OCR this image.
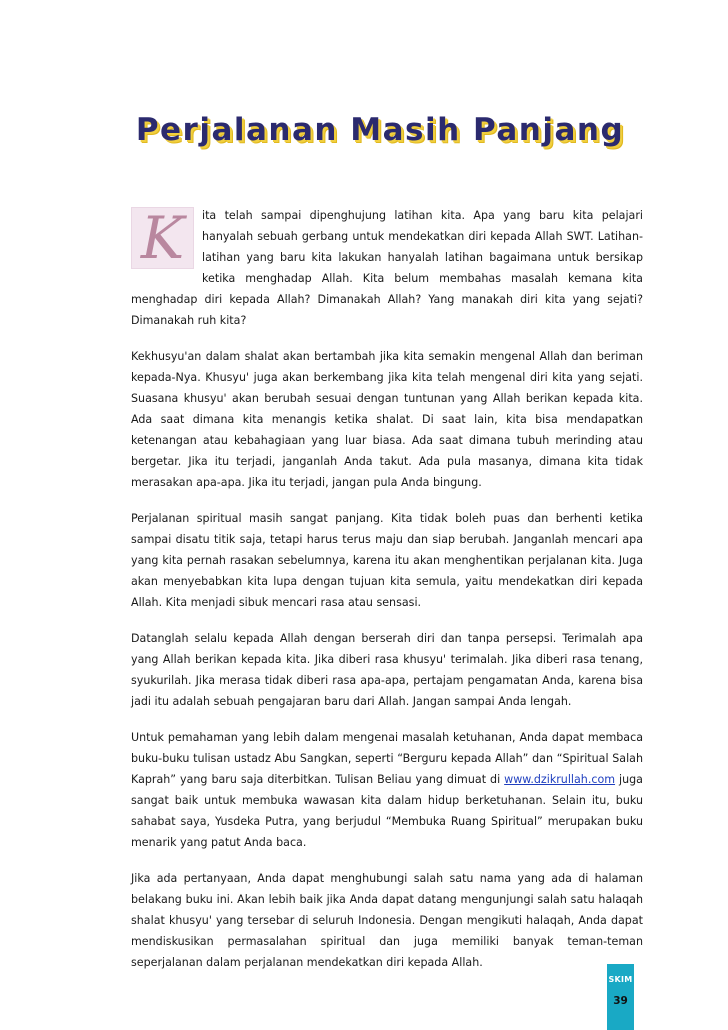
Perjalanan Masih Panjang

K	ita telah sampai dipenghujung latihan kita. Apa yang baru kita pelajari hanyalah sebuah gerbang untuk mendekatkan diri kepada Allah SWT. Latihan-latihan yang baru kita lakukan hanyalah latihan bagaimana untuk bersikap ketika menghadap Allah. Kita belum membahas masalah kemana kita menghadap diri kepada Allah? Dimanakah Allah? Yang manakah diri kita yang sejati? Dimanakah ruh kita?

Kekhusyu'an dalam shalat akan bertambah jika kita semakin mengenal Allah dan beriman kepada-Nya. Khusyu' juga akan berkembang jika kita telah mengenal diri kita yang sejati. Suasana khusyu' akan berubah sesuai dengan tuntunan yang Allah berikan kepada kita. Ada saat dimana kita menangis ketika shalat. Di saat lain, kita bisa mendapatkan ketenangan atau kebahagiaan yang luar biasa. Ada saat dimana tubuh merinding atau bergetar. Jika itu terjadi, janganlah Anda takut. Ada pula masanya, dimana kita tidak merasakan apa-apa. Jika itu terjadi, jangan pula Anda bingung.

Perjalanan spiritual masih sangat panjang. Kita tidak boleh puas dan berhenti ketika sampai disatu titik saja, tetapi harus terus maju dan siap berubah. Janganlah mencari apa yang kita pernah rasakan sebelumnya, karena itu akan menghentikan perjalanan kita. Juga akan menyebabkan kita lupa dengan tujuan kita semula, yaitu mendekatkan diri kepada Allah. Kita menjadi sibuk mencari rasa atau sensasi.

Datanglah selalu kepada Allah dengan berserah diri dan tanpa persepsi. Terimalah apa yang Allah berikan kepada kita. Jika diberi rasa khusyu' terimalah. Jika diberi rasa tenang, syukurilah. Jika merasa tidak diberi rasa apa-apa, pertajam pengamatan Anda, karena bisa jadi itu adalah sebuah pengajaran baru dari Allah. Jangan sampai Anda lengah.

Untuk pemahaman yang lebih dalam mengenai masalah ketuhanan, Anda dapat membaca buku-buku tulisan ustadz Abu Sangkan, seperti “Berguru kepada Allah” dan “Spiritual Salah Kaprah” yang baru saja diterbitkan. Tulisan Beliau yang dimuat di www.dzikrullah.com juga sangat baik untuk membuka wawasan kita dalam hidup berketuhanan. Selain itu, buku sahabat saya, Yusdeka Putra, yang berjudul “Membuka Ruang Spiritual” merupakan buku menarik yang patut Anda baca.

Jika ada pertanyaan, Anda dapat menghubungi salah satu nama yang ada di halaman belakang buku ini. Akan lebih baik jika Anda dapat datang mengunjungi salah satu halaqah shalat khusyu' yang tersebar di seluruh Indonesia. Dengan mengikuti halaqah, Anda dapat mendiskusikan permasalahan spiritual dan juga memiliki banyak teman-teman seperjalanan dalam perjalanan mendekatkan diri kepada Allah.

SKIM
39
